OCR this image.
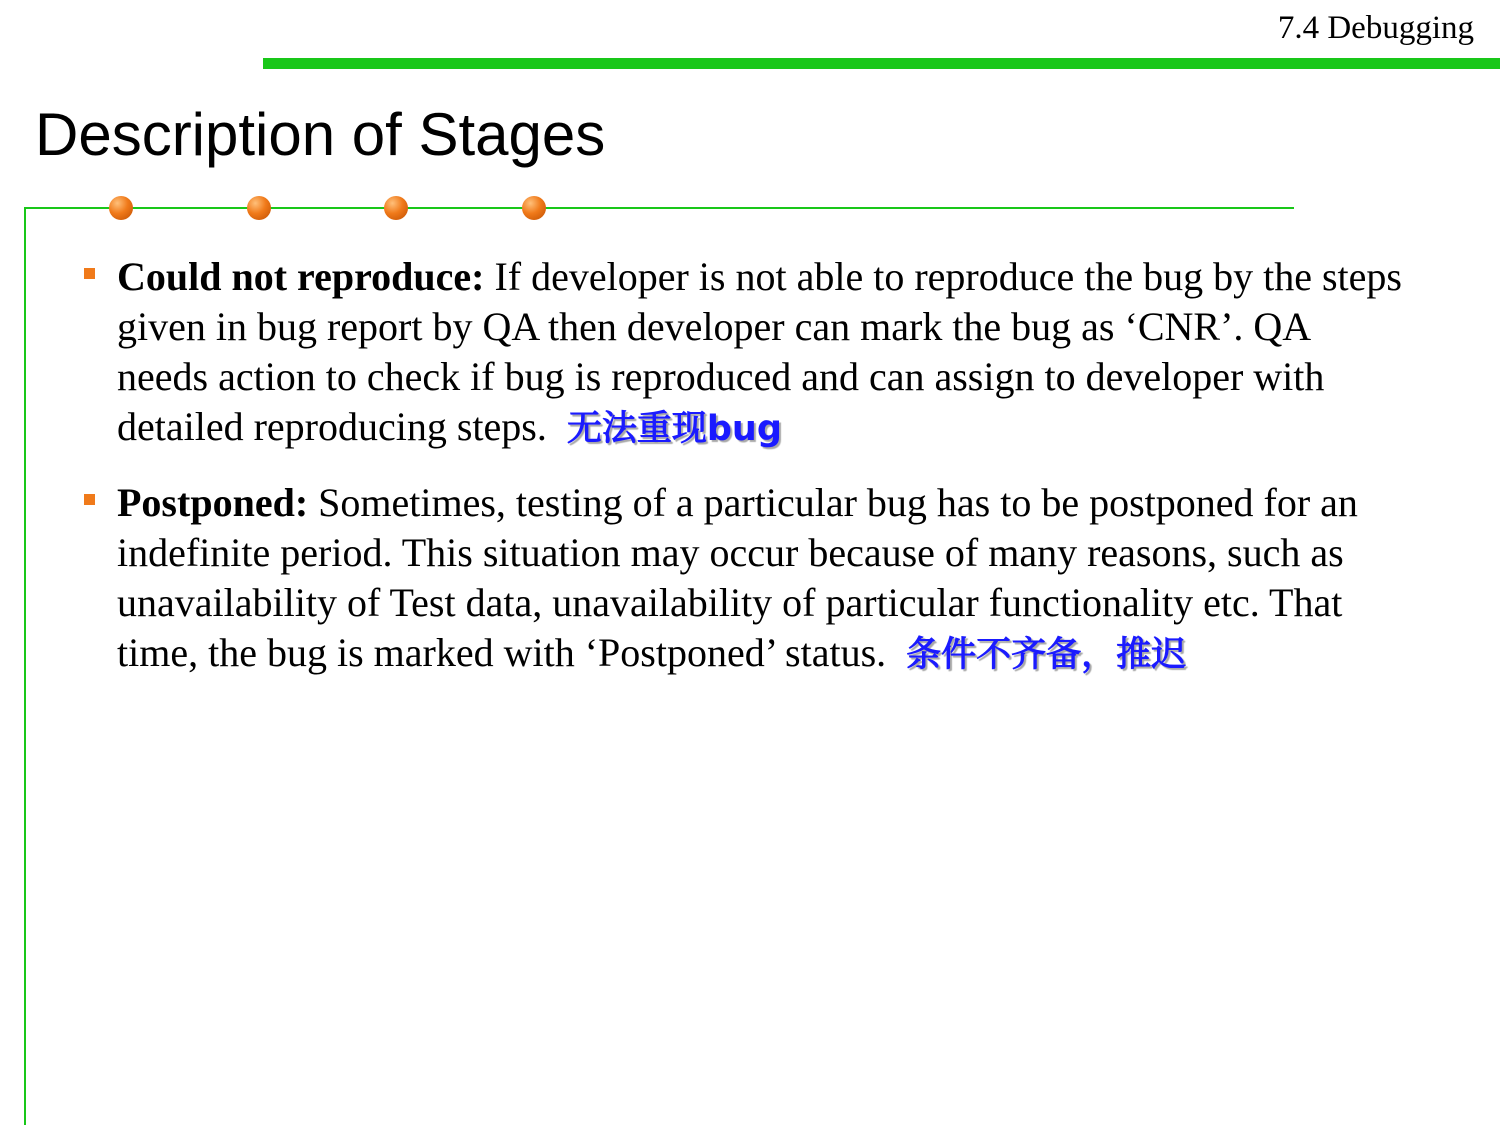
7.4 Debugging
Description of Stages
Could not reproduce: If developer is not able to reproduce the bug by the steps given in bug report by QA then developer can mark the bug as ‘CNR’. QA needs action to check if bug is reproduced and can assign to developer with detailed reproducing steps. 无法重现bug
Postponed: Sometimes, testing of a particular bug has to be postponed for an indefinite period. This situation may occur because of many reasons, such as unavailability of Test data, unavailability of particular functionality etc. That time, the bug is marked with ‘Postponed’ status. 条件不齐备，推迟
